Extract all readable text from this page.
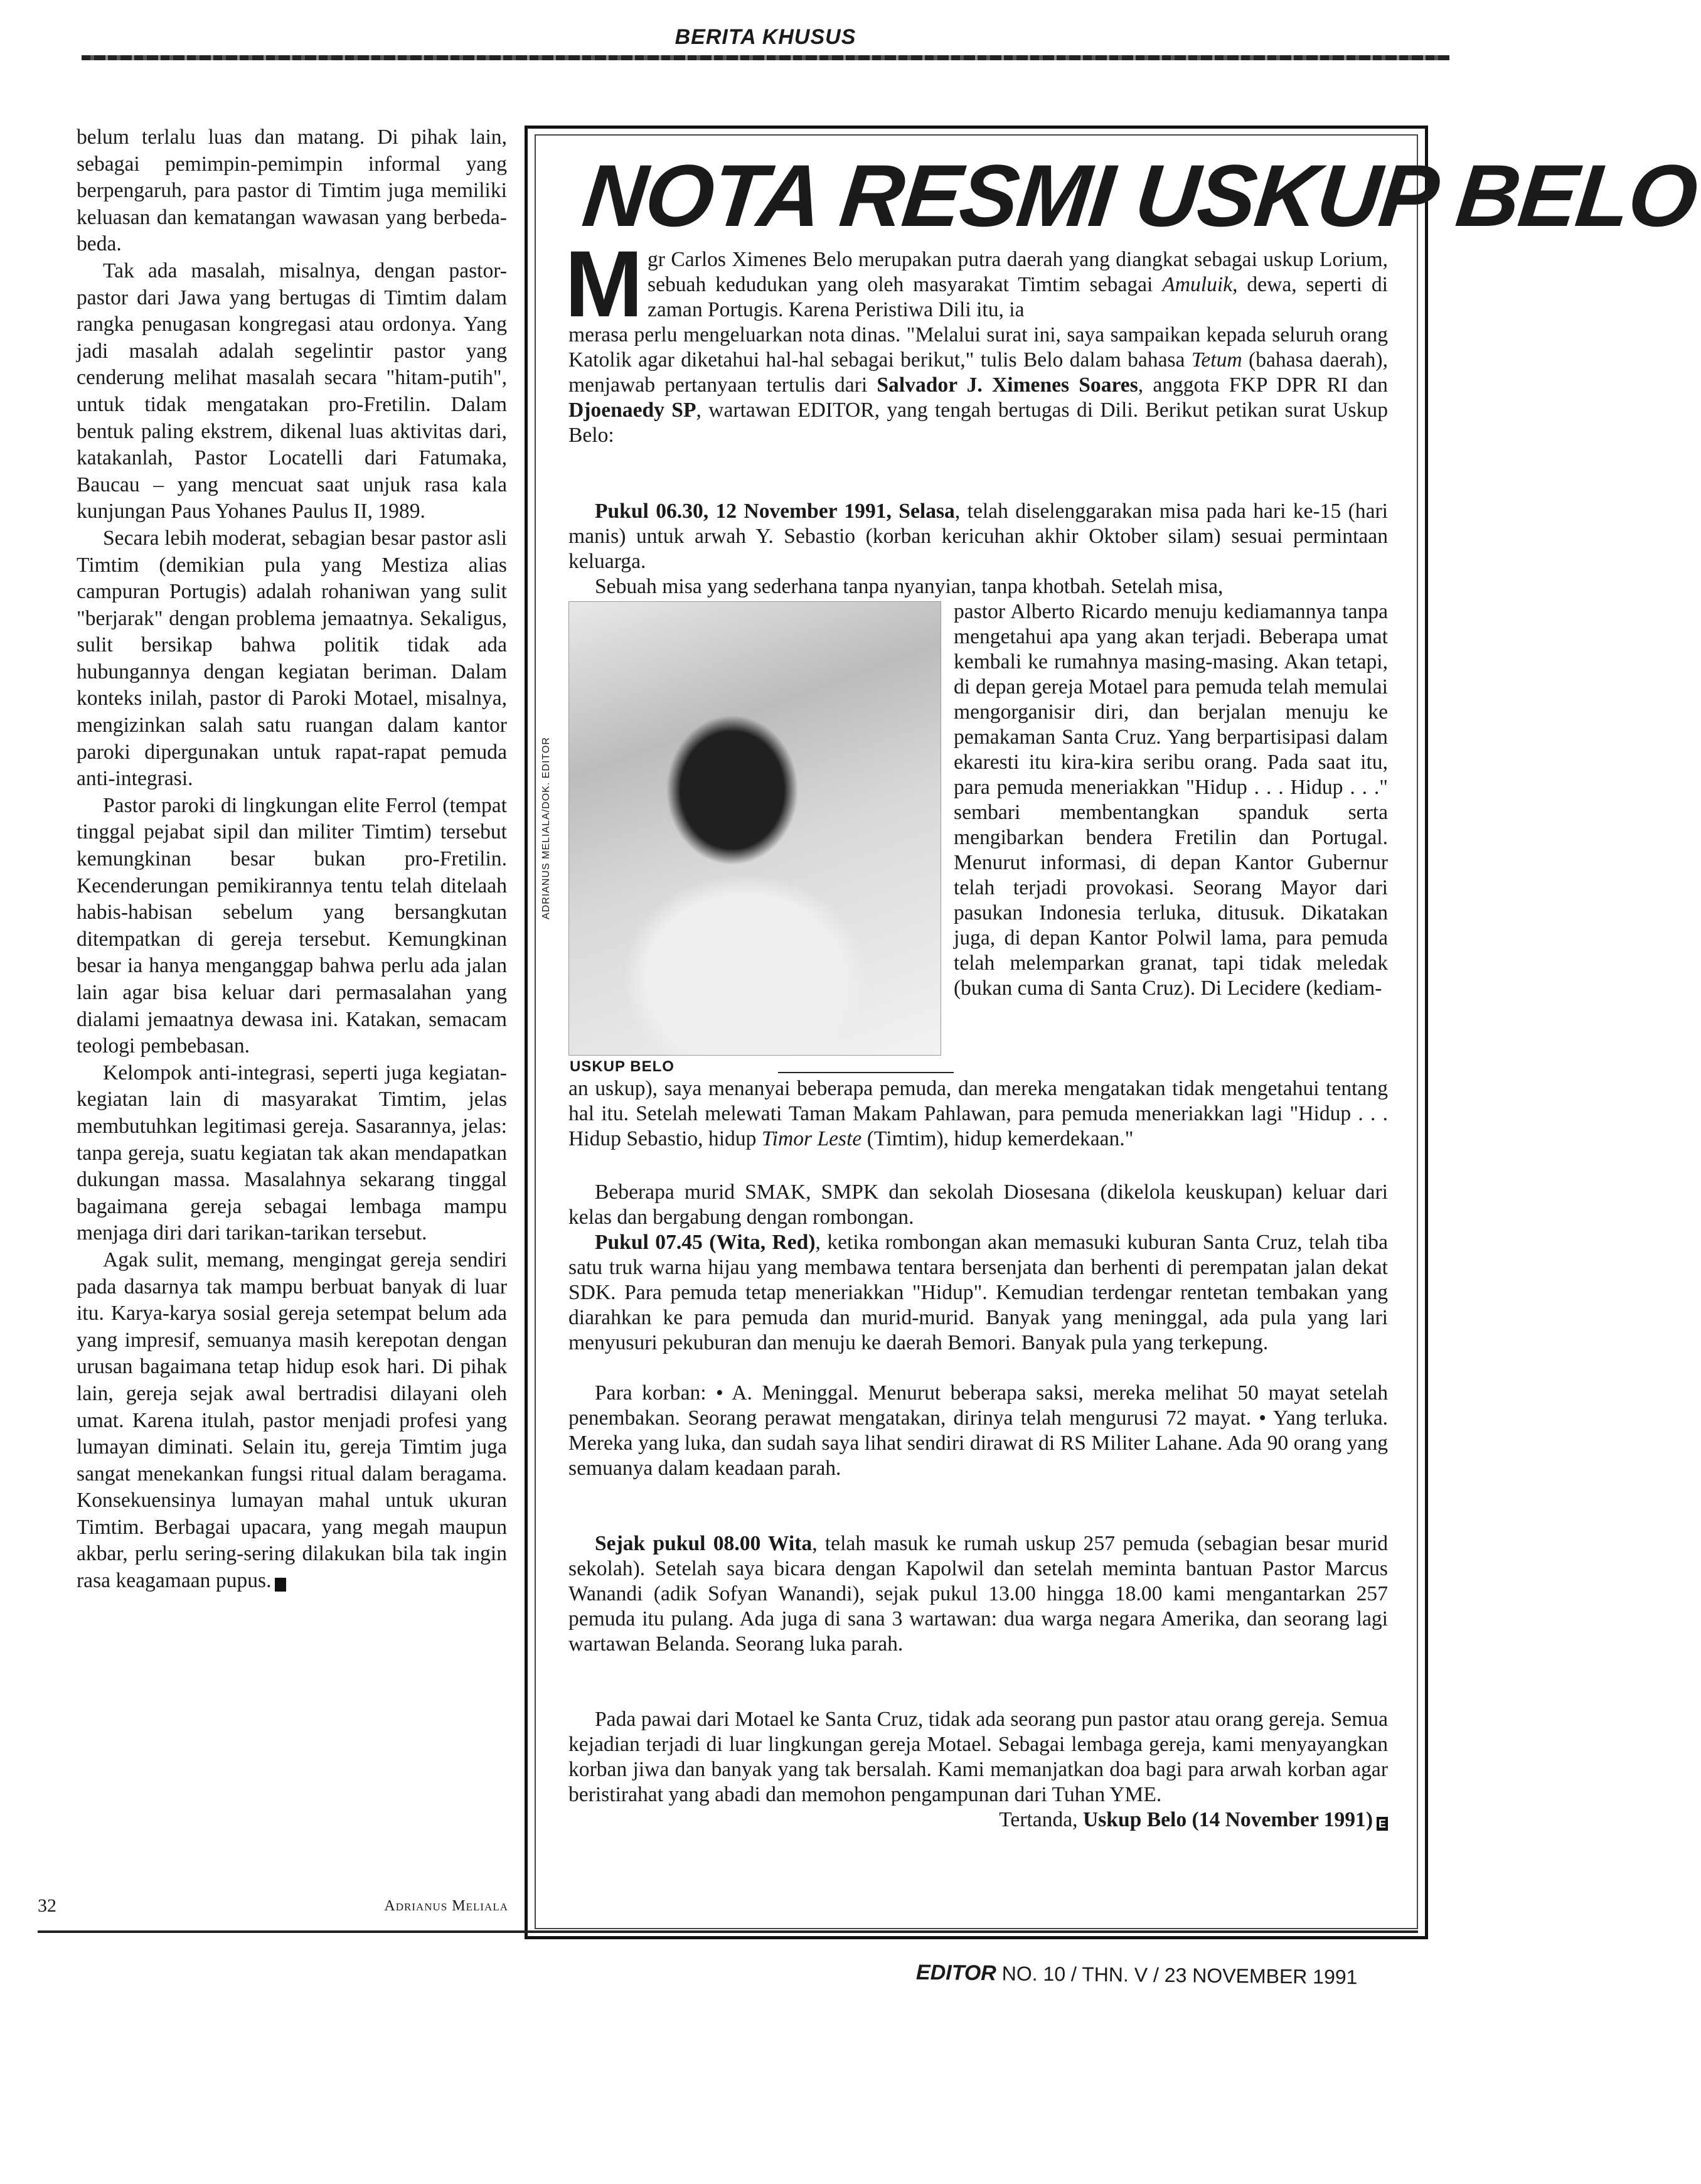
BERITA KHUSUS

belum terlalu luas dan matang. Di pihak lain, sebagai pemimpin-pemimpin informal yang berpengaruh, para pastor di Timtim juga memiliki keluasan dan kematangan wawasan yang berbeda-beda.

Tak ada masalah, misalnya, dengan pastor-pastor dari Jawa yang bertugas di Timtim dalam rangka penugasan kongregasi atau ordonya. Yang jadi masalah adalah segelintir pastor yang cenderung melihat masalah secara "hitam-putih", untuk tidak mengatakan pro-Fretilin. Dalam bentuk paling ekstrem, dikenal luas aktivitas dari, katakanlah, Pastor Locatelli dari Fatumaka, Baucau – yang mencuat saat unjuk rasa kala kunjungan Paus Yohanes Paulus II, 1989.

Secara lebih moderat, sebagian besar pastor asli Timtim (demikian pula yang Mestiza alias campuran Portugis) adalah rohaniwan yang sulit "berjarak" dengan problema jemaatnya. Sekaligus, sulit bersikap bahwa politik tidak ada hubungannya dengan kegiatan beriman. Dalam konteks inilah, pastor di Paroki Motael, misalnya, mengizinkan salah satu ruangan dalam kantor paroki dipergunakan untuk rapat-rapat pemuda anti-integrasi.

Pastor paroki di lingkungan elite Ferrol (tempat tinggal pejabat sipil dan militer Timtim) tersebut kemungkinan besar bukan pro-Fretilin. Kecenderungan pemikirannya tentu telah ditelaah habis-habisan sebelum yang bersangkutan ditempatkan di gereja tersebut. Kemungkinan besar ia hanya menganggap bahwa perlu ada jalan lain agar bisa keluar dari permasalahan yang dialami jemaatnya dewasa ini. Katakan, semacam teologi pembebasan.

Kelompok anti-integrasi, seperti juga kegiatan-kegiatan lain di masyarakat Timtim, jelas membutuhkan legitimasi gereja. Sasarannya, jelas: tanpa gereja, suatu kegiatan tak akan mendapatkan dukungan massa. Masalahnya sekarang tinggal bagaimana gereja sebagai lembaga mampu menjaga diri dari tarikan-tarikan tersebut.

Agak sulit, memang, mengingat gereja sendiri pada dasarnya tak mampu berbuat banyak di luar itu. Karya-karya sosial gereja setempat belum ada yang impresif, semuanya masih kerepotan dengan urusan bagaimana tetap hidup esok hari. Di pihak lain, gereja sejak awal bertradisi dilayani oleh umat. Karena itulah, pastor menjadi profesi yang lumayan diminati. Selain itu, gereja Timtim juga sangat menekankan fungsi ritual dalam beragama. Konsekuensinya lumayan mahal untuk ukuran Timtim. Berbagai upacara, yang megah maupun akbar, perlu sering-sering dilakukan bila tak ingin rasa keagamaan pupus.	E

Adrianus Meliala
NOTA RESMI USKUP BELO
M gr Carlos Ximenes Belo merupakan putra daerah yang diangkat sebagai uskup Lorium, sebuah kedudukan yang oleh masyarakat Timtim sebagai Amuluik, dewa, seperti di zaman Portugis. Karena Peristiwa Dili itu, ia

merasa perlu mengeluarkan nota dinas. "Melalui surat ini, saya sampaikan kepada seluruh orang Katolik agar diketahui hal-hal sebagai berikut," tulis Belo dalam bahasa Tetum (bahasa daerah), menjawab pertanyaan tertulis dari Salvador J. Ximenes Soares, anggota FKP DPR RI dan Djoenaedy SP, wartawan EDITOR, yang tengah bertugas di Dili. Berikut petikan surat Uskup Belo:

Pukul 06.30, 12 November 1991, Selasa, telah diselenggarakan misa pada hari ke-15 (hari manis) untuk arwah Y. Sebastio (korban kericuhan akhir Oktober silam) sesuai permintaan keluarga.

Sebuah misa yang sederhana tanpa nyanyian, tanpa khotbah. Setelah misa,

ADRIANUS MELIALA/DOK. EDITOR
USKUP BELO

pastor Alberto Ricardo menuju kediamannya tanpa mengetahui apa yang akan terjadi. Beberapa umat kembali ke rumahnya masing-masing. Akan tetapi, di depan gereja Motael para pemuda telah memulai mengorganisir diri, dan berjalan menuju ke pemakaman Santa Cruz. Yang berpartisipasi dalam ekaresti itu kira-kira seribu orang. Pada saat itu, para pemuda meneriakkan "Hidup . . . Hidup . . ." sembari membentangkan spanduk serta mengibarkan bendera Fretilin dan Portugal. Menurut informasi, di depan Kantor Gubernur telah terjadi provokasi. Seorang Mayor dari pasukan Indonesia terluka, ditusuk. Dikatakan juga, di depan Kantor Polwil lama, para pemuda telah melemparkan granat, tapi tidak meledak (bukan cuma di Santa Cruz). Di Lecidere (kediam-

an uskup), saya menanyai beberapa pemuda, dan mereka mengatakan tidak mengetahui tentang hal itu. Setelah melewati Taman Makam Pahlawan, para pemuda meneriakkan lagi "Hidup . . . Hidup Sebastio, hidup Timor Leste (Timtim), hidup kemerdekaan."

Beberapa murid SMAK, SMPK dan sekolah Diosesana (dikelola keuskupan) keluar dari kelas dan bergabung dengan rombongan.

Pukul 07.45 (Wita, Red), ketika rombongan akan memasuki kuburan Santa Cruz, telah tiba satu truk warna hijau yang membawa tentara bersenjata dan berhenti di perempatan jalan dekat SDK. Para pemuda tetap meneriakkan "Hidup". Kemudian terdengar rentetan tembakan yang diarahkan ke para pemuda dan murid-murid. Banyak yang meninggal, ada pula yang lari menyusuri pekuburan dan menuju ke daerah Bemori. Banyak pula yang terkepung.

Para korban: • A. Meninggal. Menurut beberapa saksi, mereka melihat 50 mayat setelah penembakan. Seorang perawat mengatakan, dirinya telah mengurusi 72 mayat. • Yang terluka. Mereka yang luka, dan sudah saya lihat sendiri dirawat di RS Militer Lahane. Ada 90 orang yang semuanya dalam keadaan parah.

Sejak pukul 08.00 Wita, telah masuk ke rumah uskup 257 pemuda (sebagian besar murid sekolah). Setelah saya bicara dengan Kapolwil dan setelah meminta bantuan Pastor Marcus Wanandi (adik Sofyan Wanandi), sejak pukul 13.00 hingga 18.00 kami mengantarkan 257 pemuda itu pulang. Ada juga di sana 3 wartawan: dua warga negara Amerika, dan seorang lagi wartawan Belanda. Seorang luka parah.

Pada pawai dari Motael ke Santa Cruz, tidak ada seorang pun pastor atau orang gereja. Semua kejadian terjadi di luar lingkungan gereja Motael. Sebagai lembaga gereja, kami menyayangkan korban jiwa dan banyak yang tak bersalah. Kami memanjatkan doa bagi para arwah korban agar beristirahat yang abadi dan memohon pengampunan dari Tuhan YME.

Tertanda, Uskup Belo (14 November 1991) E

32
EDITOR NO. 10 / THN. V / 23 NOVEMBER 1991
